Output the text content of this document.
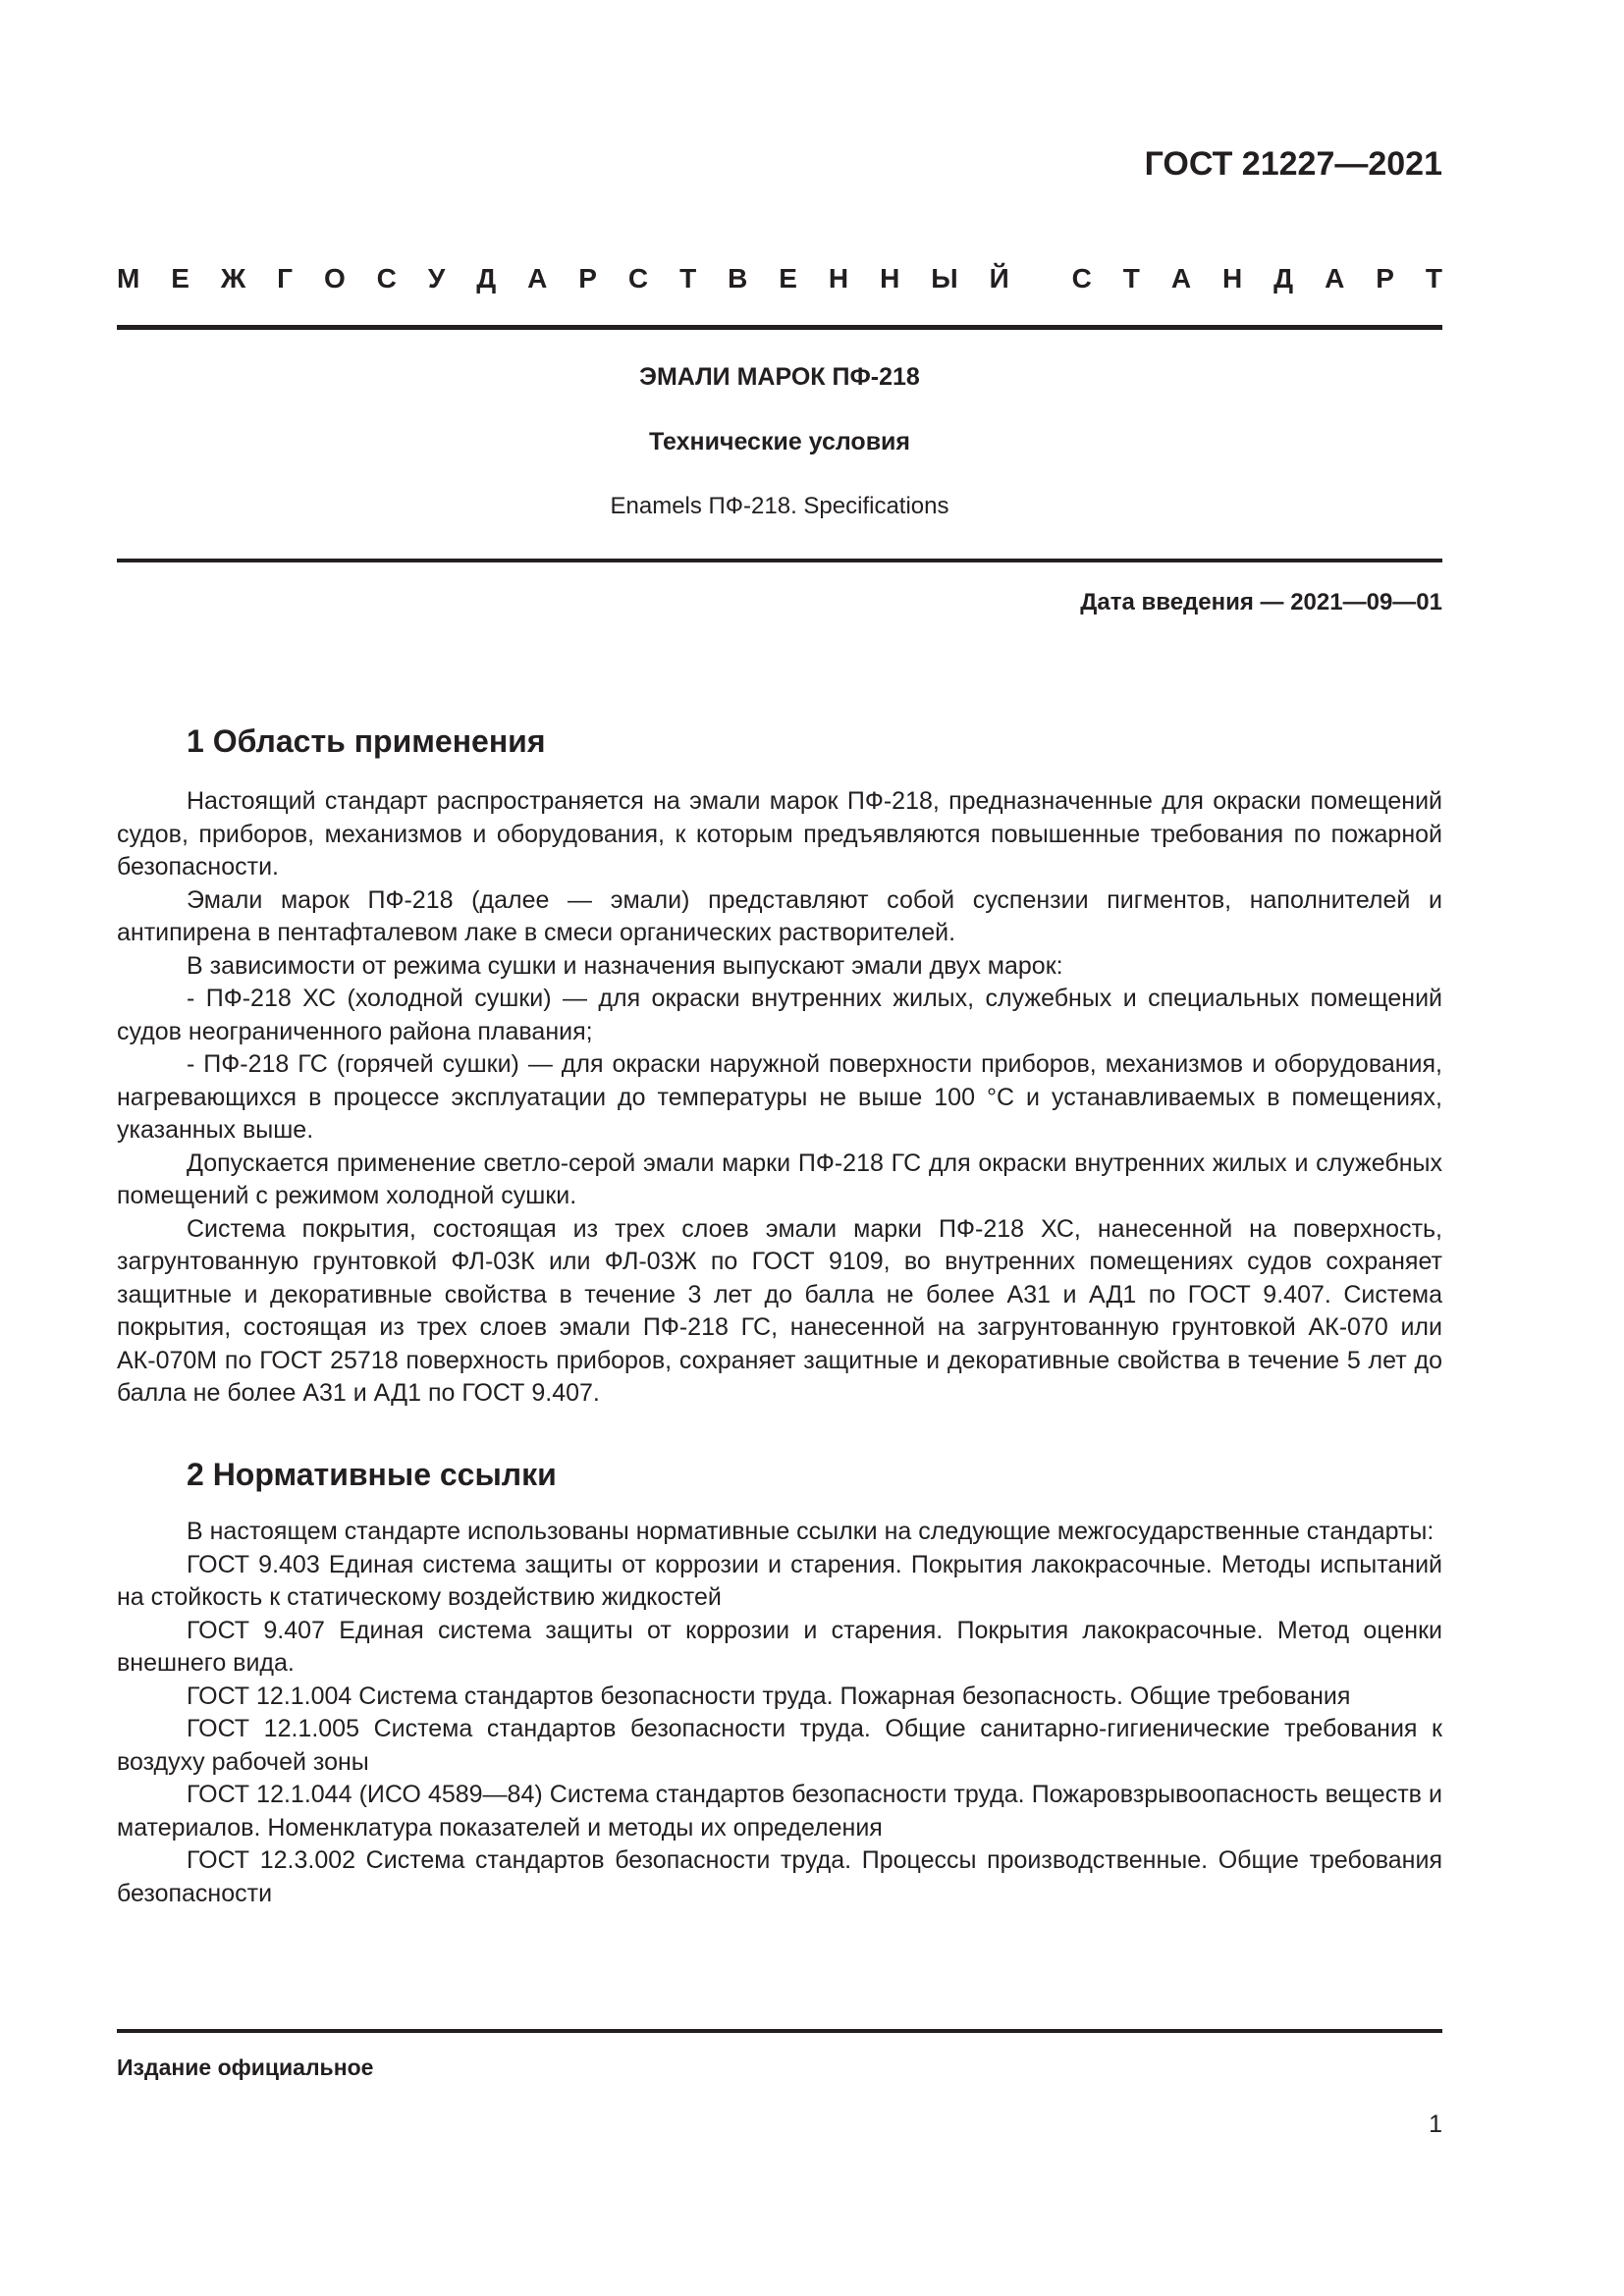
ГОСТ 21227—2021
М Е Ж Г О С У Д А Р С Т В Е Н Н Ы Й С Т А Н Д А Р Т
ЭМАЛИ МАРОК ПФ-218
Технические условия
Enamels ПФ-218. Specifications
Дата введения — 2021—09—01
1 Область применения

Настоящий стандарт распространяется на эмали марок ПФ-218, предназначенные для окраски помещений судов, приборов, механизмов и оборудования, к которым предъявляются повышенные требования по пожарной безопасности.

Эмали марок ПФ-218 (далее — эмали) представляют собой суспензии пигментов, наполнителей и антипирена в пентафталевом лаке в смеси органических растворителей.

В зависимости от режима сушки и назначения выпускают эмали двух марок:

- ПФ-218 ХС (холодной сушки) — для окраски внутренних жилых, служебных и специальных помещений судов неограниченного района плавания;

- ПФ-218 ГС (горячей сушки) — для окраски наружной поверхности приборов, механизмов и оборудования, нагревающихся в процессе эксплуатации до температуры не выше 100 °С и устанавливаемых в помещениях, указанных выше.

Допускается применение светло-серой эмали марки ПФ-218 ГС для окраски внутренних жилых и служебных помещений с режимом холодной сушки.

Система покрытия, состоящая из трех слоев эмали марки ПФ-218 ХС, нанесенной на поверхность, загрунтованную грунтовкой ФЛ-03К или ФЛ-03Ж по ГОСТ 9109, во внутренних помещениях судов сохраняет защитные и декоративные свойства в течение 3 лет до балла не более А31 и АД1 по ГОСТ 9.407. Система покрытия, состоящая из трех слоев эмали ПФ-218 ГС, нанесенной на загрунтованную грунтовкой АК-070 или АК-070М по ГОСТ 25718 поверхность приборов, сохраняет защитные и декоративные свойства в течение 5 лет до балла не более А31 и АД1 по ГОСТ 9.407.

2 Нормативные ссылки

В настоящем стандарте использованы нормативные ссылки на следующие межгосударственные стандарты:

ГОСТ 9.403 Единая система защиты от коррозии и старения. Покрытия лакокрасочные. Методы испытаний на стойкость к статическому воздействию жидкостей

ГОСТ 9.407 Единая система защиты от коррозии и старения. Покрытия лакокрасочные. Метод оценки внешнего вида.

ГОСТ 12.1.004 Система стандартов безопасности труда. Пожарная безопасность. Общие требования

ГОСТ 12.1.005 Система стандартов безопасности труда. Общие санитарно-гигиенические требования к воздуху рабочей зоны

ГОСТ 12.1.044 (ИСО 4589—84) Система стандартов безопасности труда. Пожаровзрывоопасность веществ и материалов. Номенклатура показателей и методы их определения

ГОСТ 12.3.002 Система стандартов безопасности труда. Процессы производственные. Общие требования безопасности

Издание официальное
1
